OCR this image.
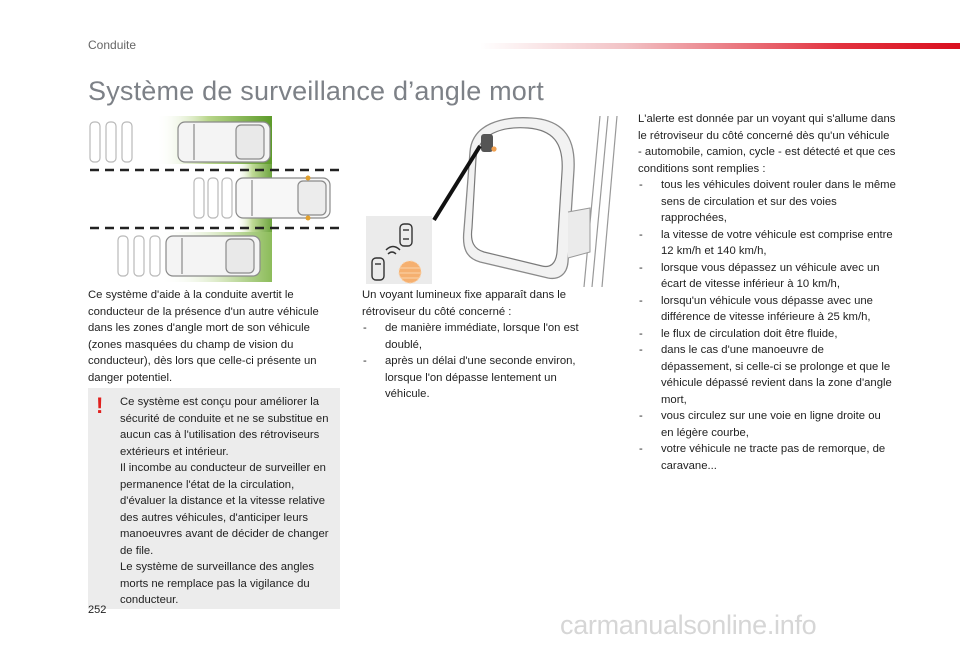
Conduite
Système de surveillance d’angle mort
Ce système d'aide à la conduite avertit le conducteur de la présence d'un autre véhicule dans les zones d'angle mort de son véhicule (zones masquées du champ de vision du conducteur), dès lors que celle-ci présente un danger potentiel.
! Ce système est conçu pour améliorer la sécurité de conduite et ne se substitue en aucun cas à l'utilisation des rétroviseurs extérieurs et intérieur.
Il incombe au conducteur de surveiller en permanence l'état de la circulation, d'évaluer la distance et la vitesse relative des autres véhicules, d'anticiper leurs manoeuvres avant de décider de changer de file.
Le système de surveillance des angles morts ne remplace pas la vigilance du conducteur.
Un voyant lumineux fixe apparaît dans le rétroviseur du côté concerné :
- de manière immédiate, lorsque l'on est doublé,
- après un délai d'une seconde environ, lorsque l'on dépasse lentement un véhicule.
L'alerte est donnée par un voyant qui s'allume dans le rétroviseur du côté concerné dès qu'un véhicule - automobile, camion, cycle - est détecté et que ces conditions sont remplies :
- tous les véhicules doivent rouler dans le même sens de circulation et sur des voies rapprochées,
- la vitesse de votre véhicule est comprise entre 12 km/h et 140 km/h,
- lorsque vous dépassez un véhicule avec un écart de vitesse inférieur à 10 km/h,
- lorsqu'un véhicule vous dépasse avec une différence de vitesse inférieure à 25 km/h,
- le flux de circulation doit être fluide,
- dans le cas d'une manoeuvre de dépassement, si celle-ci se prolonge et que le véhicule dépassé revient dans la zone d'angle mort,
- vous circulez sur une voie en ligne droite ou en légère courbe,
- votre véhicule ne tracte pas de remorque, de caravane...
252	carmanualsonline.info
